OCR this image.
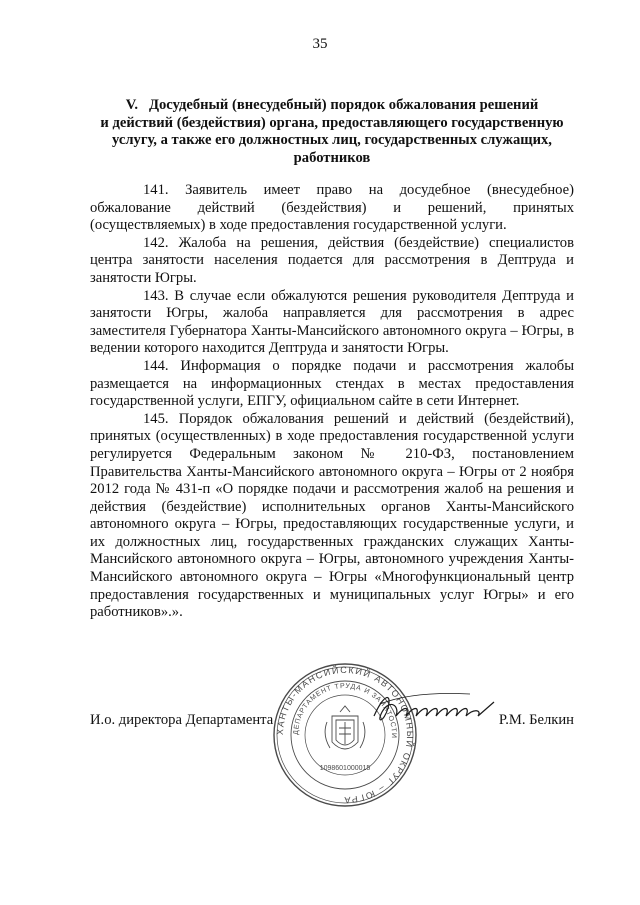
35
V.   Досудебный (внесудебный) порядок обжалования решений
и действий (бездействия) органа, предоставляющего государственную
услугу, а также его должностных лиц, государственных служащих,
работников

141. Заявитель имеет право на досудебное (внесудебное) обжалование действий (бездействия) и решений, принятых (осуществляемых) в ходе предоставления государственной услуги.

142. Жалоба на решения, действия (бездействие) специалистов центра занятости населения подается для рассмотрения в Дептруда и занятости Югры.

143. В случае если обжалуются решения руководителя Дептруда и занятости Югры, жалоба направляется для рассмотрения в адрес заместителя Губернатора Ханты-Мансийского автономного округа – Югры, в ведении которого находится Дептруда и занятости Югры.

144. Информация о порядке подачи и рассмотрения жалобы размещается на информационных стендах в местах предоставления государственной услуги, ЕПГУ, официальном сайте в сети Интернет.

145. Порядок обжалования решений и действий (бездействий), принятых (осуществленных) в ходе предоставления государственной услуги регулируется Федеральным законом № 210-ФЗ, постановлением Правительства Ханты-Мансийского автономного округа – Югры от 2 ноября 2012 года № 431-п «О порядке подачи и рассмотрения жалоб на решения и действия (бездействие) исполнительных органов Ханты-Мансийского автономного округа – Югры, предоставляющих государственные услуги, и их должностных лиц, государственных гражданских служащих Ханты-Мансийского автономного округа – Югры, автономного учреждения Ханты-Мансийского автономного округа – Югры «Многофункциональный центр предоставления государственных и муниципальных услуг Югры» и его работников».».

ХАНТЫ-МАНСИЙСКИЙ АВТОНОМНЫЙ ОКРУГ – ЮГРА
ДЕПАРТАМЕНТ ТРУДА И ЗАНЯТОСТИ
1098601000015
И.о. директора Департамента	Р.М. Белкин
